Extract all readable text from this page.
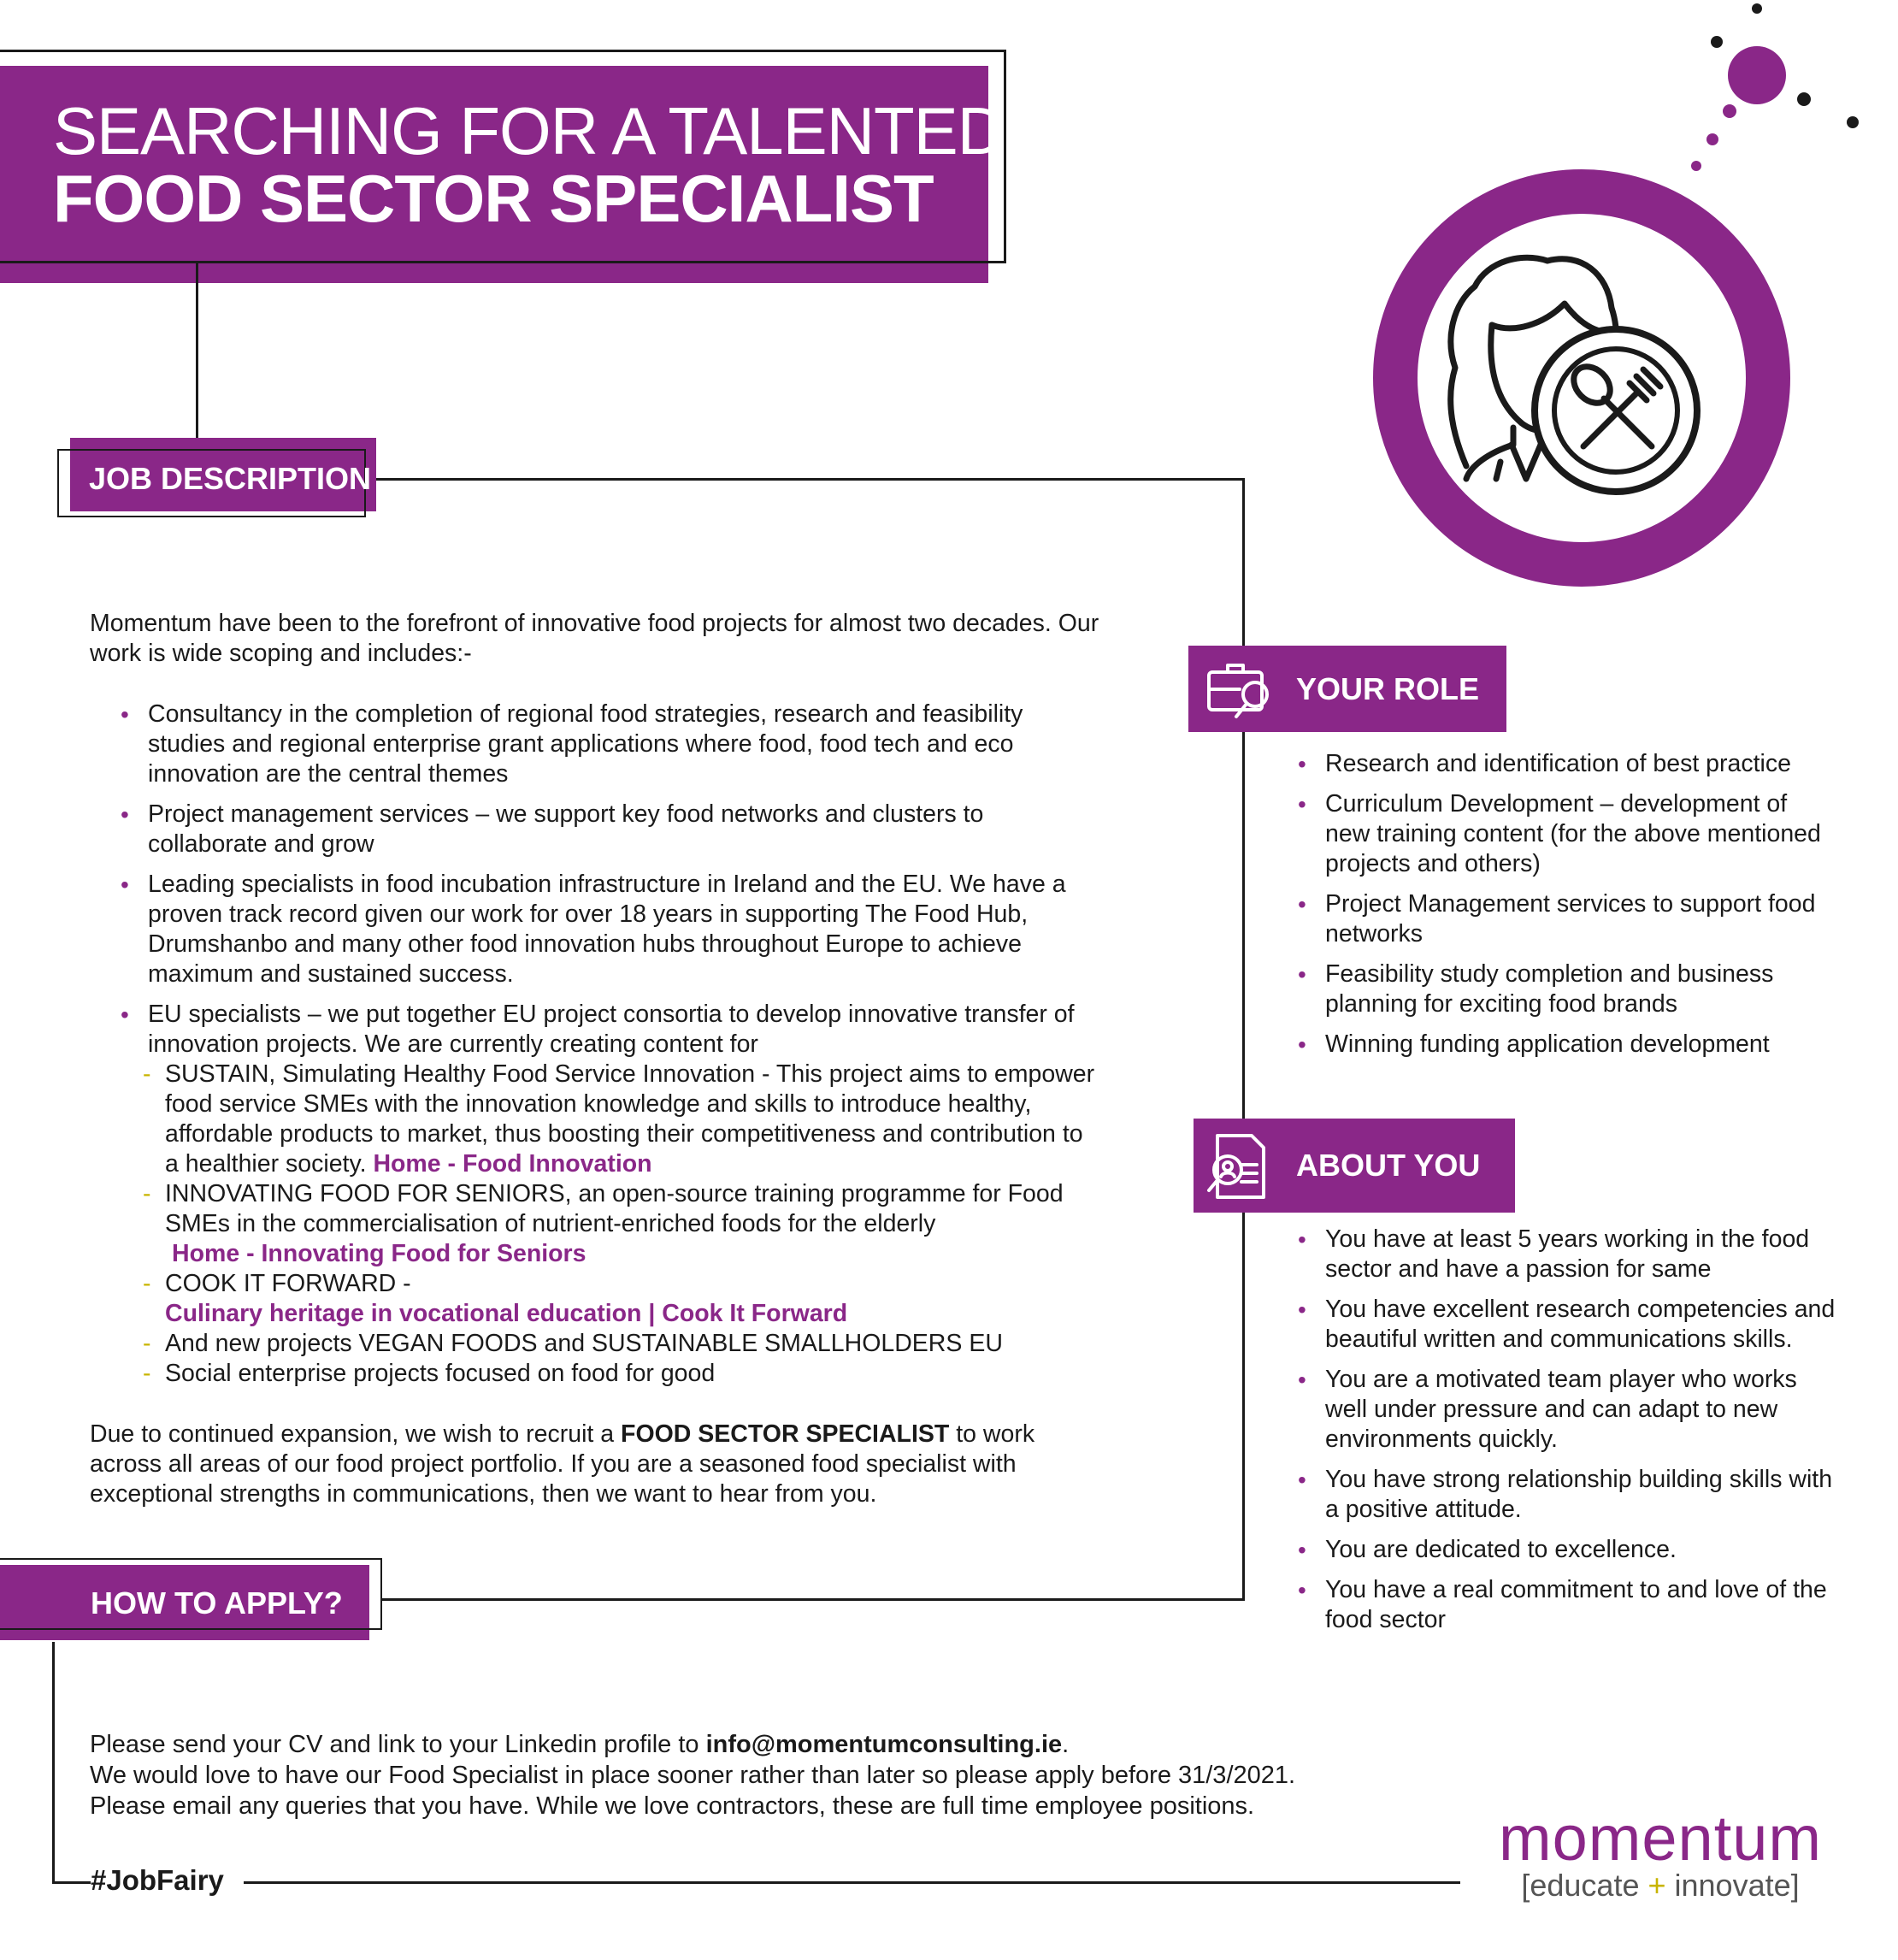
SEARCHING FOR A TALENTED
FOOD SECTOR SPECIALIST
JOB DESCRIPTION
Momentum have been to the forefront of innovative food projects for almost two decades. Our work is wide scoping and includes:-
• Consultancy in the completion of regional food strategies, research and feasibility studies and regional enterprise grant applications where food, food tech and eco innovation are the central themes
• Project management services – we support key food networks and clusters to collaborate and grow
• Leading specialists in food incubation infrastructure in Ireland and the EU. We have a proven track record given our work for over 18 years in supporting The Food Hub, Drumshanbo and many other food innovation hubs throughout Europe to achieve maximum and sustained success.
• EU specialists – we put together EU project consortia to develop innovative transfer of innovation projects. We are currently creating content for
- SUSTAIN, Simulating Healthy Food Service Innovation - This project aims to empower food service SMEs with the innovation knowledge and skills to introduce healthy, affordable products to market, thus boosting their competitiveness and contribution to a healthier society. Home - Food Innovation
- INNOVATING FOOD FOR SENIORS, an open-source training programme for Food SMEs in the commercialisation of nutrient-enriched foods for the elderly
Home - Innovating Food for Seniors
- COOK IT FORWARD -
Culinary heritage in vocational education | Cook It Forward
- And new projects VEGAN FOODS and SUSTAINABLE SMALLHOLDERS EU
- Social enterprise projects focused on food for good
Due to continued expansion, we wish to recruit a FOOD SECTOR SPECIALIST to work across all areas of our food project portfolio. If you are a seasoned food specialist with exceptional strengths in communications, then we want to hear from you.
HOW TO APPLY?
Please send your CV and link to your Linkedin profile to info@momentumconsulting.ie.
We would love to have our Food Specialist in place sooner rather than later so please apply before 31/3/2021.
Please email any queries that you have. While we love contractors, these are full time employee positions.
#JobFairy
momentum
[educate + innovate]
YOUR ROLE
• Research and identification of best practice
• Curriculum Development – development of new training content (for the above mentioned projects and others)
• Project Management services to support food networks
• Feasibility study completion and business planning for exciting food brands
• Winning funding application development
ABOUT YOU
• You have at least 5 years working in the food sector and have a passion for same
• You have excellent research competencies and beautiful written and communications skills.
• You are a motivated team player who works well under pressure and can adapt to new environments quickly.
• You have strong relationship building skills with a positive attitude.
• You are dedicated to excellence.
• You have a real commitment to and love of the food sector
